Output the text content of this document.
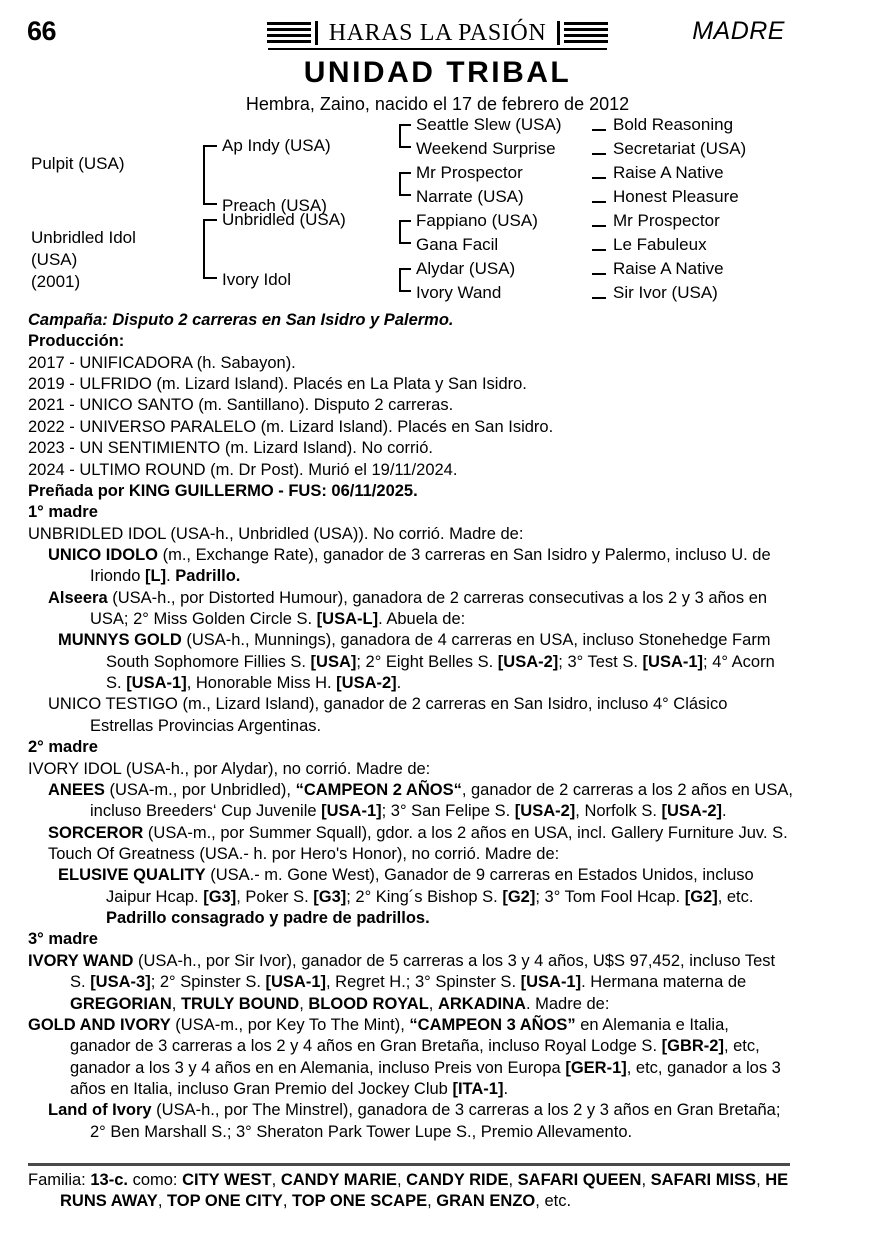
66	HARAS LA PASIÓN	MADRE
UNIDAD TRIBAL
Hembra, Zaino, nacido el 17 de febrero de 2012
Pulpit (USA)
Unbridled Idol
(USA)
(2001)
Ap Indy (USA)
Preach (USA)
Unbridled (USA)
Ivory Idol
Seattle Slew (USA)
Weekend Surprise
Mr Prospector
Narrate (USA)
Fappiano (USA)
Gana Facil
Alydar (USA)
Ivory Wand
Bold Reasoning
Secretariat (USA)
Raise A Native
Honest Pleasure
Mr Prospector
Le Fabuleux
Raise A Native
Sir Ivor (USA)
Campaña: Disputo 2 carreras en San Isidro y Palermo.
Producción:
2017 - UNIFICADORA (h. Sabayon).
2019 - ULFRIDO (m. Lizard Island). Placés en La Plata y San Isidro.
2021 - UNICO SANTO (m. Santillano). Disputo 2 carreras.
2022 - UNIVERSO PARALELO (m. Lizard Island). Placés en San Isidro.
2023 - UN SENTIMIENTO (m. Lizard Island). No corrió.
2024 - ULTIMO ROUND (m. Dr Post). Murió el 19/11/2024.
Preñada por KING GUILLERMO - FUS: 06/11/2025.
1° madre
UNBRIDLED IDOL (USA-h., Unbridled (USA)). No corrió. Madre de:
UNICO IDOLO (m., Exchange Rate), ganador de 3 carreras en San Isidro y Palermo, incluso U. de Iriondo [L]. Padrillo.
Alseera (USA-h., por Distorted Humour), ganadora de 2 carreras consecutivas a los 2 y 3 años en USA; 2° Miss Golden Circle S. [USA-L]. Abuela de:
MUNNYS GOLD (USA-h., Munnings), ganadora de 4 carreras en USA, incluso Stonehedge Farm South Sophomore Fillies S. [USA]; 2° Eight Belles S. [USA-2]; 3° Test S. [USA-1]; 4° Acorn S. [USA-1], Honorable Miss H. [USA-2].
UNICO TESTIGO (m., Lizard Island), ganador de 2 carreras en San Isidro, incluso 4° Clásico Estrellas Provincias Argentinas.
2° madre
IVORY IDOL (USA-h., por Alydar), no corrió. Madre de:
ANEES (USA-m., por Unbridled), “CAMPEON 2 AÑOS“, ganador de 2 carreras a los 2 años en USA, incluso Breeders‘ Cup Juvenile [USA-1]; 3° San Felipe S. [USA-2], Norfolk S. [USA-2].
SORCEROR (USA-m., por Summer Squall), gdor. a los 2 años en USA, incl. Gallery Furniture Juv. S.
Touch Of Greatness (USA.- h. por Hero's Honor), no corrió. Madre de:
ELUSIVE QUALITY (USA.- m. Gone West), Ganador de 9 carreras en Estados Unidos, incluso Jaipur Hcap. [G3], Poker S. [G3]; 2° King´s Bishop S. [G2]; 3° Tom Fool Hcap. [G2], etc.
Padrillo consagrado y padre de padrillos.
3° madre
IVORY WAND (USA-h., por Sir Ivor), ganador de 5 carreras a los 3 y 4 años, U$S 97,452, incluso Test S. [USA-3]; 2° Spinster S. [USA-1], Regret H.; 3° Spinster S. [USA-1]. Hermana materna de GREGORIAN, TRULY BOUND, BLOOD ROYAL, ARKADINA. Madre de:
GOLD AND IVORY (USA-m., por Key To The Mint), “CAMPEON 3 AÑOS” en Alemania e Italia, ganador de 3 carreras a los 2 y 4 años en Gran Bretaña, incluso Royal Lodge S. [GBR-2], etc, ganador a los 3 y 4 años en en Alemania, incluso Preis von Europa [GER-1], etc, ganador a los 3 años en Italia, incluso Gran Premio del Jockey Club [ITA-1].
Land of Ivory (USA-h., por The Minstrel), ganadora de 3 carreras a los 2 y 3 años en Gran Bretaña; 2° Ben Marshall S.; 3° Sheraton Park Tower Lupe S., Premio Allevamento.
Familia: 13-c. como: CITY WEST, CANDY MARIE, CANDY RIDE, SAFARI QUEEN, SAFARI MISS, HE RUNS AWAY, TOP ONE CITY, TOP ONE SCAPE, GRAN ENZO, etc.
